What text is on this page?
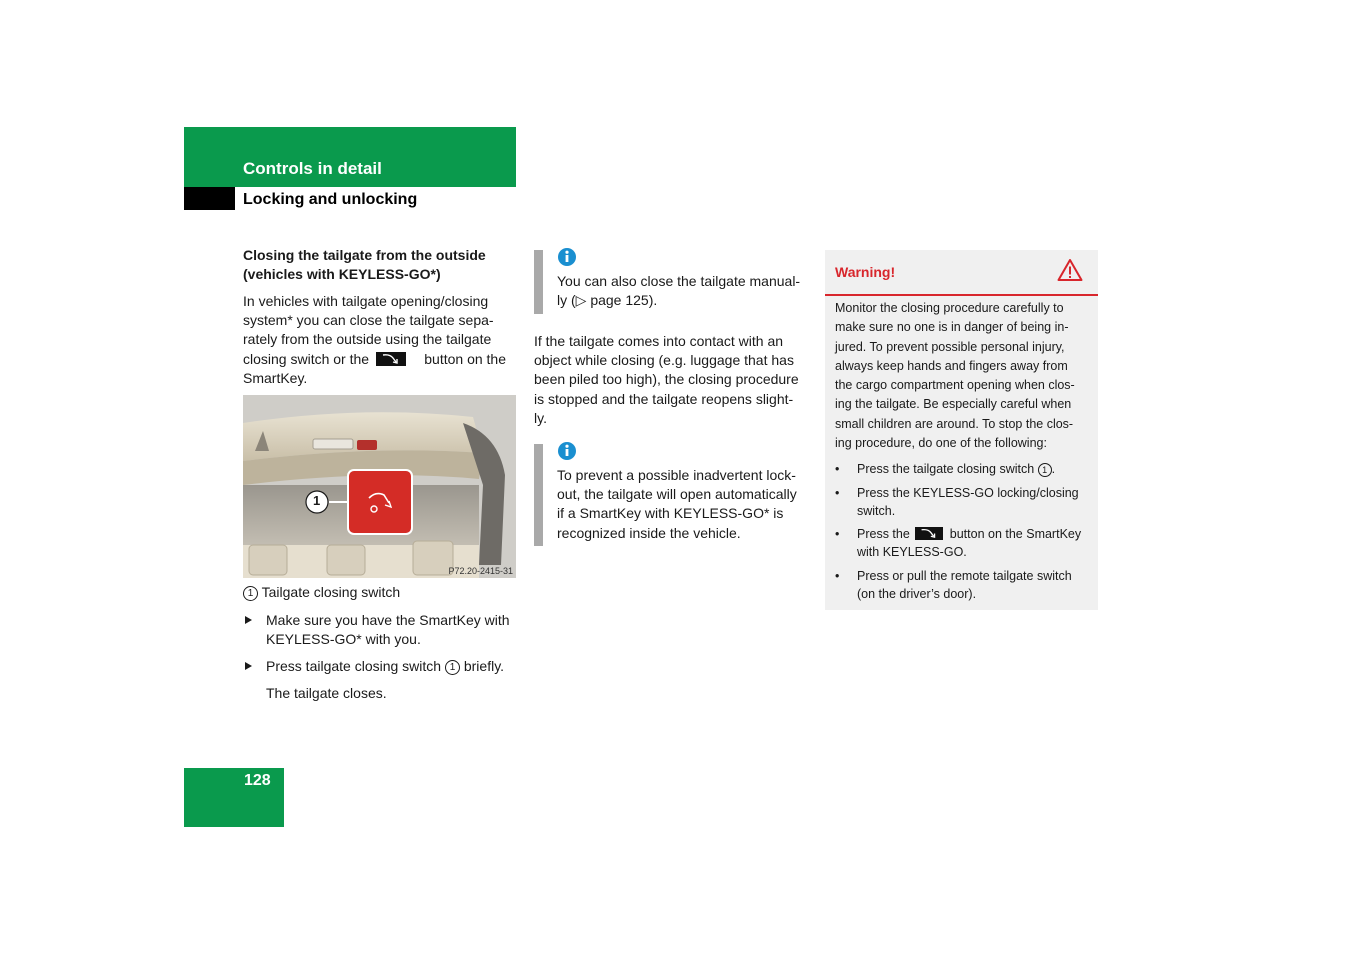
Controls in detail
Locking and unlocking
Closing the tailgate from the outside
(vehicles with KEYLESS-GO*)
In vehicles with tailgate opening/closing
system* you can close the tailgate sepa-
rately from the outside using the tailgate
closing switch or the	button on the
SmartKey.
1
P72.20-2415-31
1 Tailgate closing switch
Make sure you have the SmartKey with
KEYLESS-GO* with you.
Press tailgate closing switch 1 briefly.
The tailgate closes.
You can also close the tailgate manual-
ly (▷ page 125).
If the tailgate comes into contact with an
object while closing (e.g. luggage that has
been piled too high), the closing procedure
is stopped and the tailgate reopens slight-
ly.
To prevent a possible inadvertent lock-
out, the tailgate will open automatically
if a SmartKey with KEYLESS-GO* is
recognized inside the vehicle.
Warning!
Monitor the closing procedure carefully to
make sure no one is in danger of being in-
jured. To prevent possible personal injury,
always keep hands and fingers away from
the cargo compartment opening when clos-
ing the tailgate. Be especially careful when
small children are around. To stop the clos-
ing procedure, do one of the following:
• Press the tailgate closing switch 1 .
• Press the KEYLESS-GO locking/closing
switch.
• Press the	button on the SmartKey
with KEYLESS-GO.
• Press or pull the remote tailgate switch
(on the driver’s door).
128
